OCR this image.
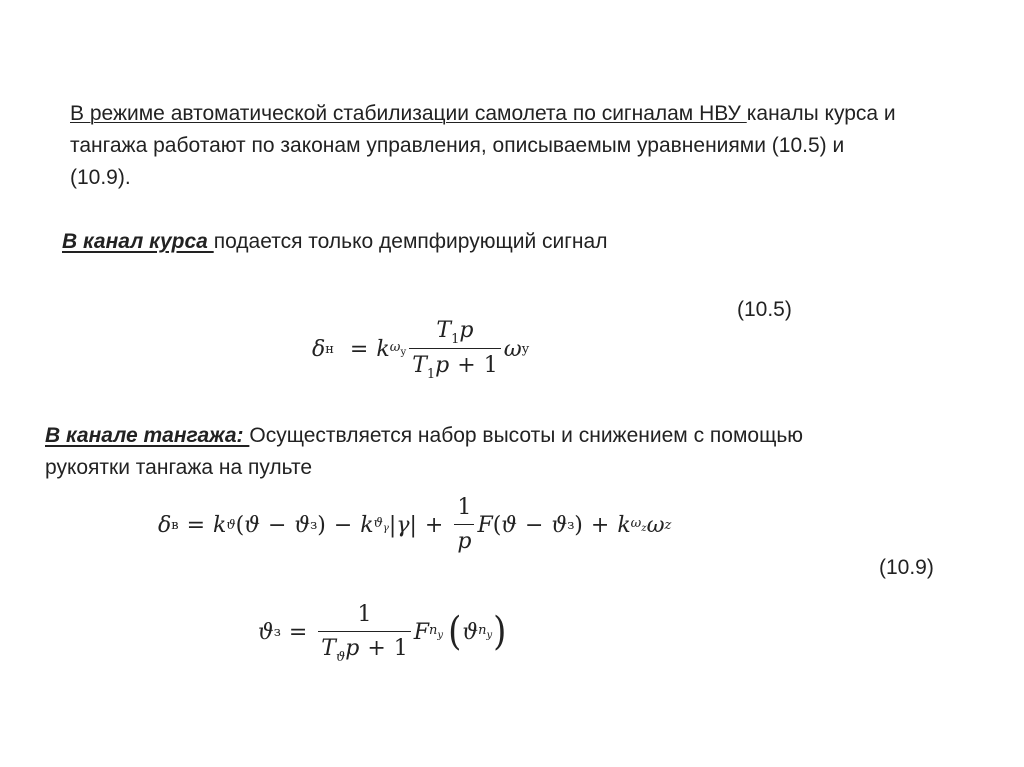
В режиме автоматической стабилизации самолета по сигналам НВУ каналы курса и
тангажа работают по законам управления, описываемым уравнениями (10.5) и
(10.9).
В канал курса подается только демпфирующий сигнал
(10.5)
δ н = k $\omega_у \frac{T_1p}{T_1p + 1}$ ω у
В канале тангажа: Осуществляется набор высоты и снижением с помощью
рукоятки тангажа на пульте
δ в = k ϑ ( ϑ − ϑ з ) − k $ϑ_\gamma$ | γ | + $\frac{1}{p}$ F ( ϑ − ϑ з ) + k $\omega_z$ ω z
(10.9)
ϑ $з = \frac{1}{T_ϑp + 1}$ F $n_y$ ( ϑ $n_y$ )
